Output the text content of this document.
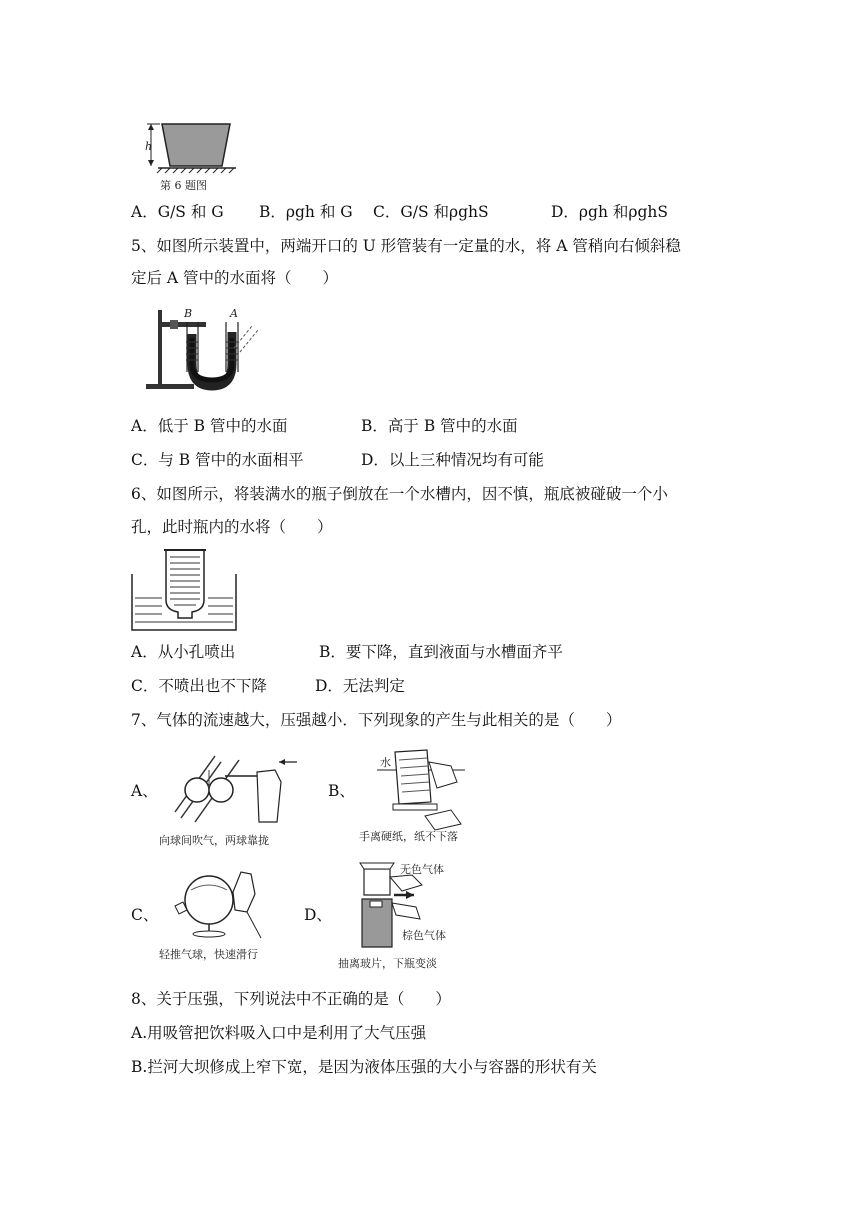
h
第 6 题图
A．G/S 和 G B．ρgh 和 G C．G/S 和ρghS	D．ρgh 和ρghS
5、如图所示装置中，两端开口的 U 形管装有一定量的水，将 A 管稍向右倾斜稳
定后 A 管中的水面将（　　）
B	A
A．低于 B 管中的水面	B．高于 B 管中的水面
C．与 B 管中的水面相平	D．以上三种情况均有可能
6、如图所示，将装满水的瓶子倒放在一个水槽内，因不慎，瓶底被碰破一个小
孔，此时瓶内的水将（　　）
A．从小孔喷出	B．要下降，直到液面与水槽面齐平
C．不喷出也不下降	D．无法判定
7、气体的流速越大，压强越小．下列现象的产生与此相关的是（　　）
A、
向球间吹气，两球靠拢
B、
水
手离硬纸，纸不下落
C、
轻推气球，快速滑行
D、
无色气体
棕色气体
抽离玻片，下瓶变淡
8、关于压强，下列说法中不正确的是（　　）
A.用吸管把饮料吸入口中是利用了大气压强
B.拦河大坝修成上窄下宽，是因为液体压强的大小与容器的形状有关
